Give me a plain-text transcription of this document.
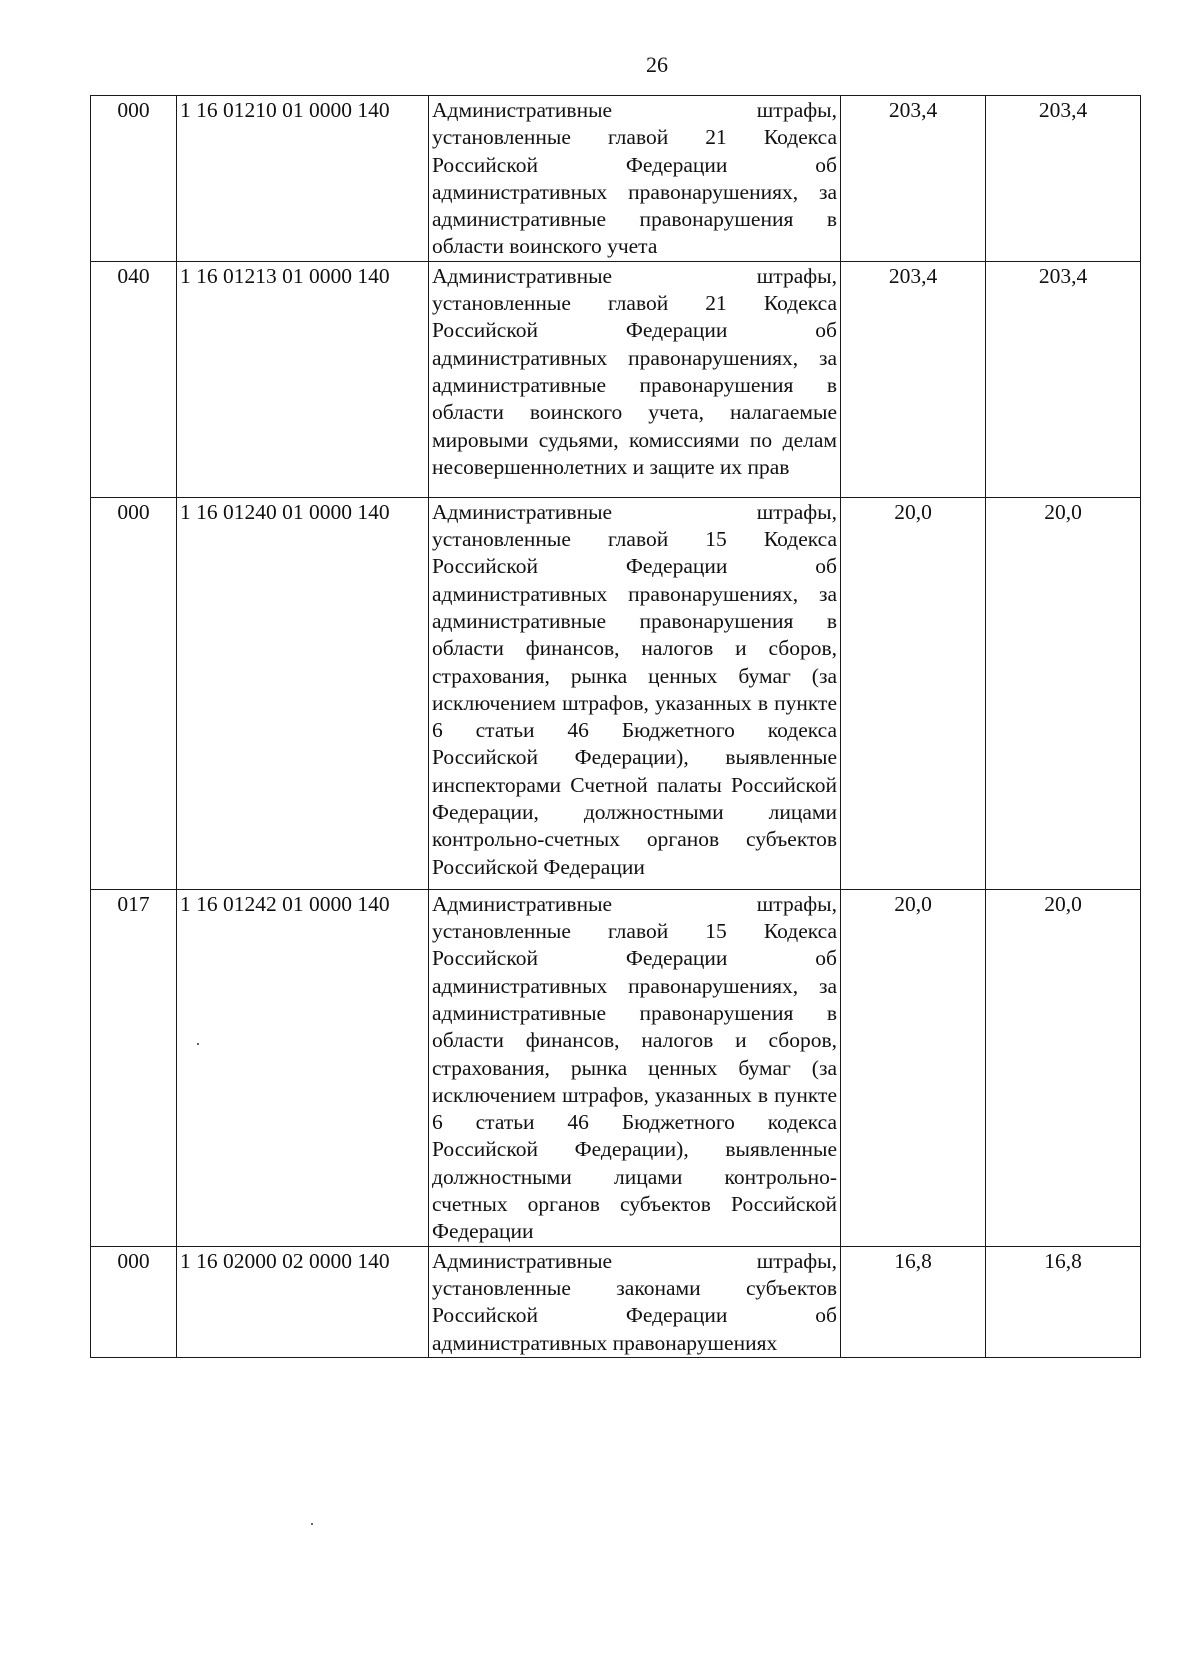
26
000	1 16 01210 01 0000 140	Административные штрафы, установленные главой 21 Кодекса Российской Федерации об административных правонарушениях, за административные правонарушения в области воинского учета	203,4	203,4
040	1 16 01213 01 0000 140	Административные штрафы, установленные главой 21 Кодекса Российской Федерации об административных правонарушениях, за административные правонарушения в области воинского учета, налагаемые мировыми судьями, комиссиями по делам несовершеннолетних и защите их прав	203,4	203,4
000	1 16 01240 01 0000 140	Административные штрафы, установленные главой 15 Кодекса Российской Федерации об административных правонарушениях, за административные правонарушения в области финансов, налогов и сборов, страхования, рынка ценных бумаг (за исключением штрафов, указанных в пункте 6 статьи 46 Бюджетного кодекса Российской Федерации), выявленные инспекторами Счетной палаты Российской Федерации, должностными лицами контрольно-счетных органов субъектов Российской Федерации	20,0	20,0
017	1 16 01242 01 0000 140	Административные штрафы, установленные главой 15 Кодекса Российской Федерации об административных правонарушениях, за административные правонарушения в области финансов, налогов и сборов, страхования, рынка ценных бумаг (за исключением штрафов, указанных в пункте 6 статьи 46 Бюджетного кодекса Российской Федерации), выявленные должностными лицами контрольно-счетных органов субъектов Российской Федерации	20,0	20,0
000	1 16 02000 02 0000 140	Административные штрафы, установленные законами субъектов Российской Федерации об административных правонарушениях	16,8	16,8
